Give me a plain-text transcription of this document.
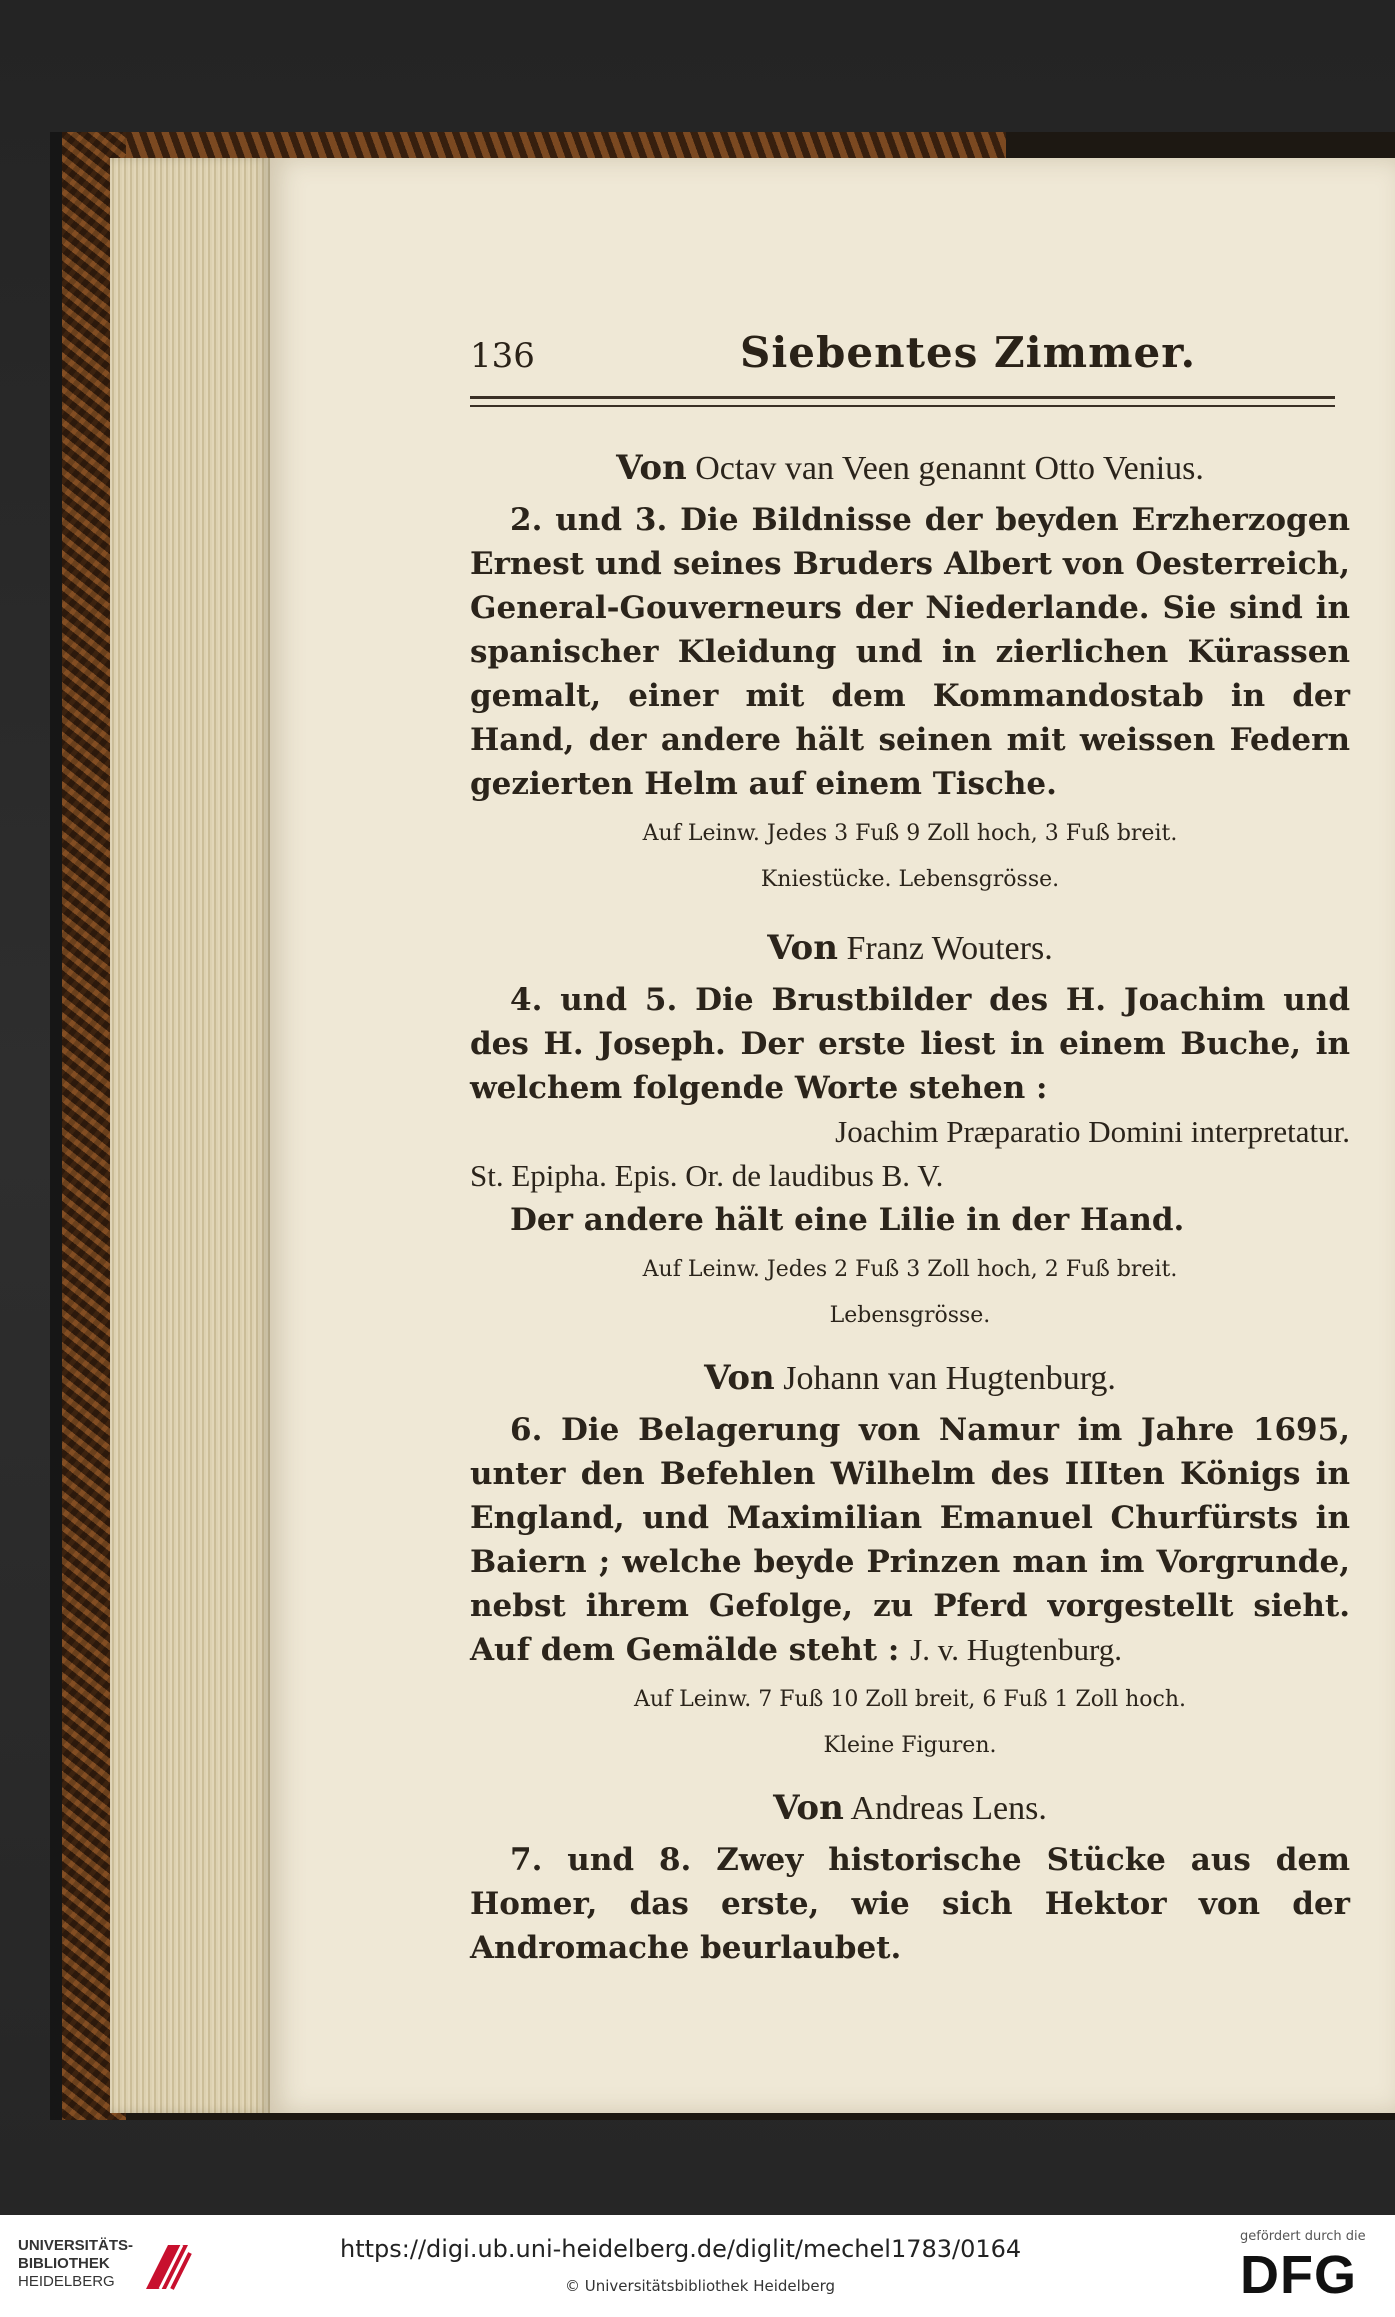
136	Siebentes Zimmer.
Von Octav van Veen genannt Otto Venius.
2. und 3. Die Bildnisse der beyden Erzherzogen Ernest und seines Bruders Albert von Oesterreich, General-Gouverneurs der Niederlande. Sie sind in spanischer Kleidung und in zierlichen Kürassen gemalt, einer mit dem Kommandostab in der Hand, der andere hält seinen mit weissen Federn gezierten Helm auf einem Tische.
Auf Leinw. Jedes 3 Fuß 9 Zoll hoch, 3 Fuß breit.
Kniestücke. Lebensgrösse.
Von Franz Wouters.
4. und 5. Die Brustbilder des H. Joachim und des H. Joseph. Der erste liest in einem Buche, in welchem folgende Worte stehen :
Joachim Præparatio Domini interpretatur.
St. Epipha. Epis. Or. de laudibus B. V.
Der andere hält eine Lilie in der Hand.
Auf Leinw. Jedes 2 Fuß 3 Zoll hoch, 2 Fuß breit.
Lebensgrösse.
Von Johann van Hugtenburg.
6. Die Belagerung von Namur im Jahre 1695, unter den Befehlen Wilhelm des IIIten Königs in England, und Maximilian Emanuel Churfürsts in Baiern ; welche beyde Prinzen man im Vorgrunde, nebst ihrem Gefolge, zu Pferd vorgestellt sieht. Auf dem Gemälde steht : J. v. Hugtenburg.
Auf Leinw. 7 Fuß 10 Zoll breit, 6 Fuß 1 Zoll hoch.
Kleine Figuren.
Von Andreas Lens.
7. und 8. Zwey historische Stücke aus dem Homer, das erste, wie sich Hektor von der Andromache beurlaubet.
UNIVERSITÄTS-
BIBLIOTHEK
HEIDELBERG
https://digi.ub.uni-heidelberg.de/diglit/mechel1783/0164
© Universitätsbibliothek Heidelberg
gefördert durch die
DFG
